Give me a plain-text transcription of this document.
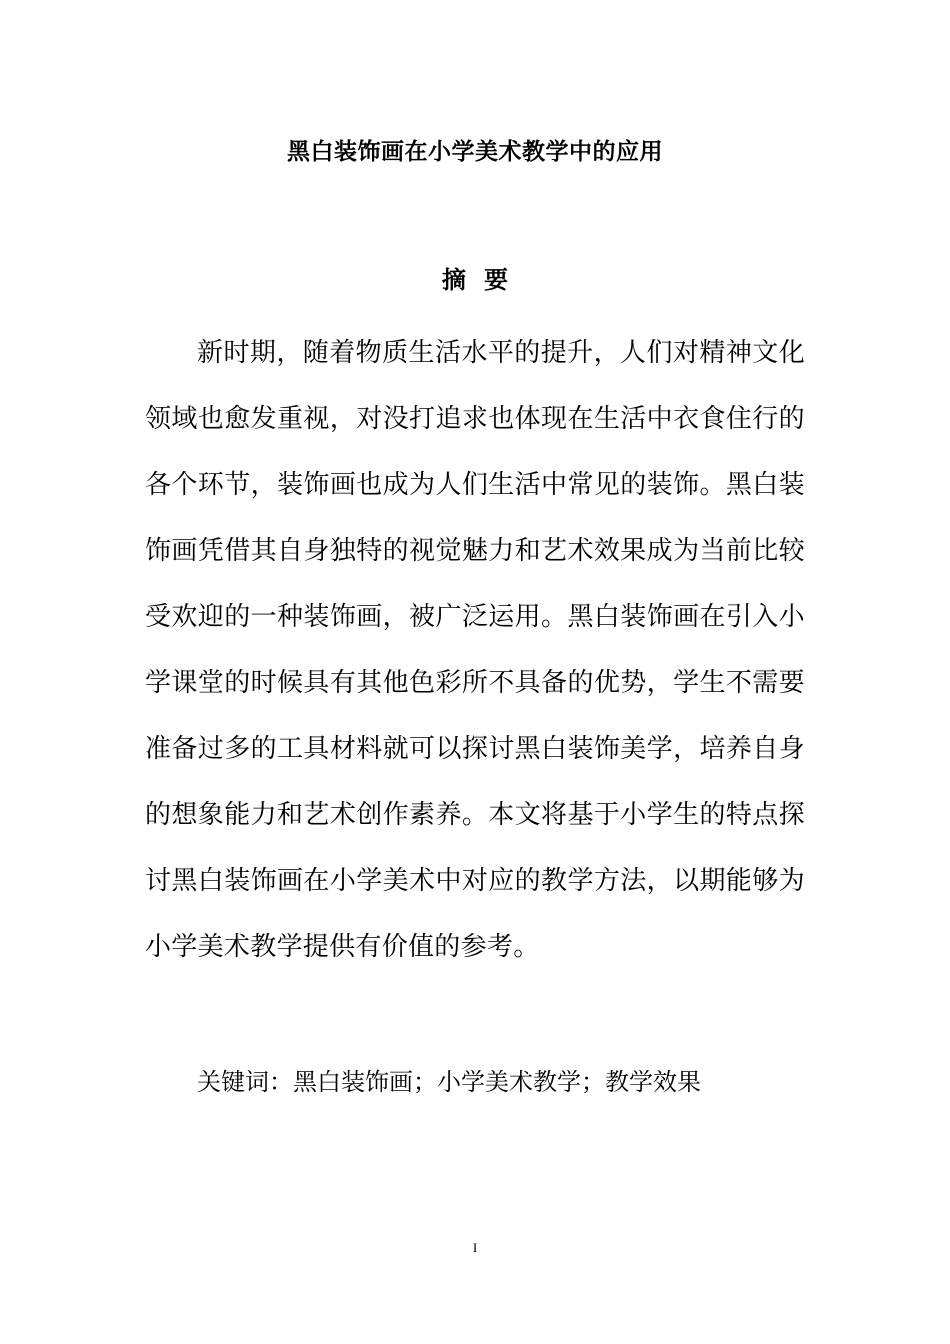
黑白装饰画在小学美术教学中的应用
摘 要

新时期，随着物质生活水平的提升，人们对精神文化领域也愈发重视，对没打追求也体现在生活中衣食住行的各个环节，装饰画也成为人们生活中常见的装饰。黑白装饰画凭借其自身独特的视觉魅力和艺术效果成为当前比较受欢迎的一种装饰画，被广泛运用。黑白装饰画在引入小学课堂的时候具有其他色彩所不具备的优势，学生不需要准备过多的工具材料就可以探讨黑白装饰美学，培养自身的想象能力和艺术创作素养。本文将基于小学生的特点探讨黑白装饰画在小学美术中对应的教学方法，以期能够为小学美术教学提供有价值的参考。

关键词：黑白装饰画；小学美术教学；教学效果
I
